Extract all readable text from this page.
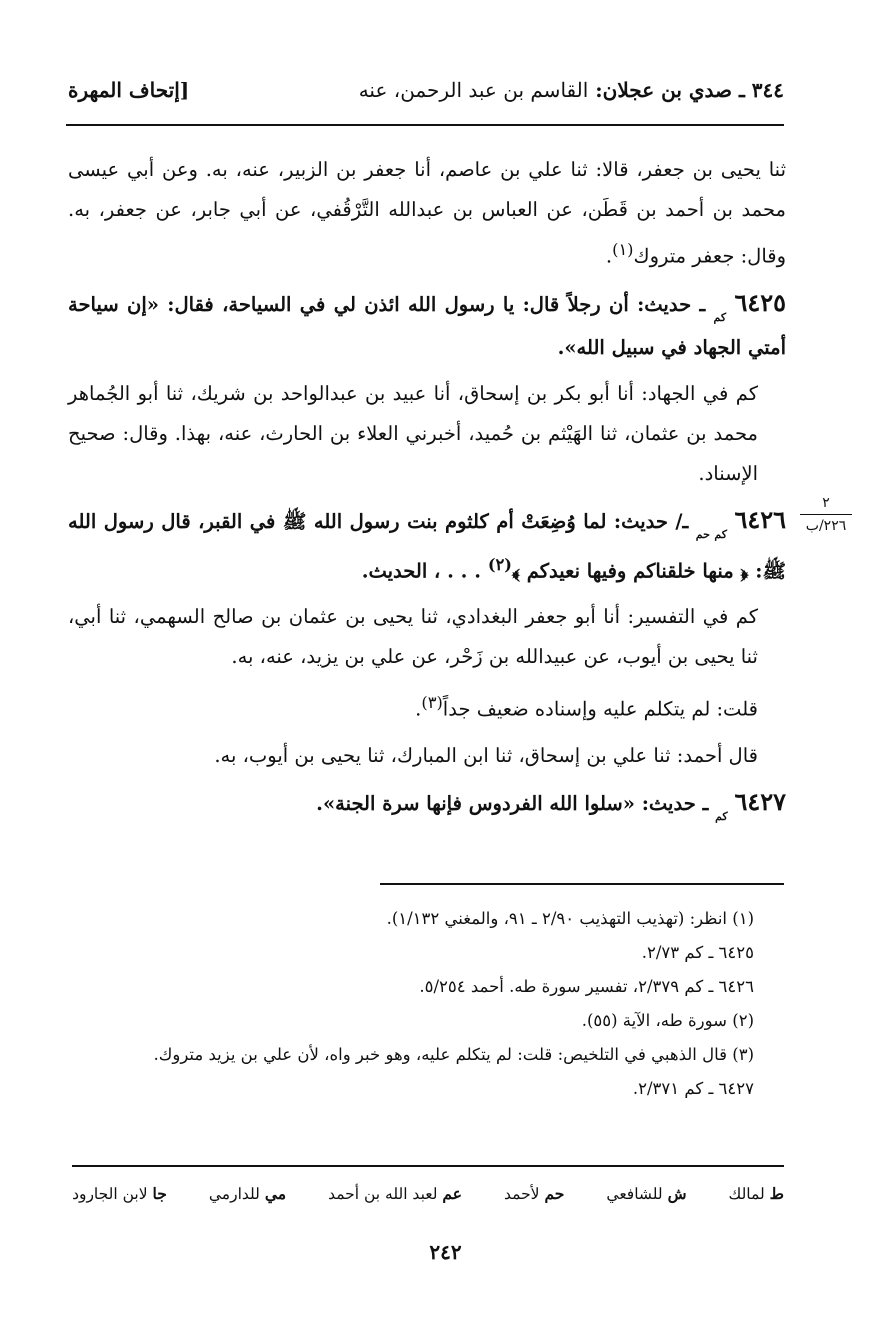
٣٤٤ ـ صدي بن عجلان: القاسم بن عبد الرحمن، عنه
[إتحاف المهرة

ثنا يحيى بن جعفر، قالا: ثنا علي بن عاصم، أنا جعفر بن الزبير، عنه، به. وعن أبي عيسى محمد بن أحمد بن قَطَن، عن العباس بن عبدالله التَّرْقُفي، عن أبي جابر، عن جعفر، به. وقال: جعفر متروك$^{(١)}$.

٦٤٢٥ $_{كم}$ ـ حديث: أن رجلاً قال: يا رسول الله ائذن لي في السياحة، فقال: «إن سياحة أمتي الجهاد في سبيل الله».

كم في الجهاد: أنا أبو بكر بن إسحاق، أنا عبيد بن عبدالواحد بن شريك، ثنا أبو الجُماهر محمد بن عثمان، ثنا الهَيْثم بن حُميد، أخبرني العلاء بن الحارث، عنه، بهذا. وقال: صحيح الإسناد.

٦٤٢٦ $_{كم حم}$ ـ/ حديث: لما وُضِعَتْ أم كلثوم بنت رسول الله ﷺ في القبر، قال رسول الله ﷺ: ﴿ منها خلقناكم وفيها نعيدكم ﴾$^{(٢)}$ . . . ، الحديث.

كم في التفسير: أنا أبو جعفر البغدادي، ثنا يحيى بن عثمان بن صالح السهمي، ثنا أبي، ثنا يحيى بن أيوب، عن عبيدالله بن زَحْر، عن علي بن يزيد، عنه، به.

قلت: لم يتكلم عليه وإسناده ضعيف جداً$^{(٣)}$.

قال أحمد: ثنا علي بن إسحاق، ثنا ابن المبارك، ثنا يحيى بن أيوب، به.

٦٤٢٧ $_{كم}$ ـ حديث: «سلوا الله الفردوس فإنها سرة الجنة».

٢
٢٢٦/ب

(١) انظر: (تهذيب التهذيب ٢/٩٠ ـ ٩١، والمغني ١/١٣٢).

٦٤٢٥ ـ كم ٢/٧٣.

٦٤٢٦ ـ كم ٢/٣٧٩، تفسير سورة طه. أحمد ٥/٢٥٤.

(٢) سورة طه، الآية (٥٥).

(٣) قال الذهبي في التلخيص: قلت: لم يتكلم عليه، وهو خبر واه، لأن علي بن يزيد متروك.

٦٤٢٧ ـ كم ٢/٣٧١.

ط لمالك
ش للشافعي
حم لأحمد
عم لعبد الله بن أحمد
مي للدارمي
جا لابن الجارود
٢٤٢
